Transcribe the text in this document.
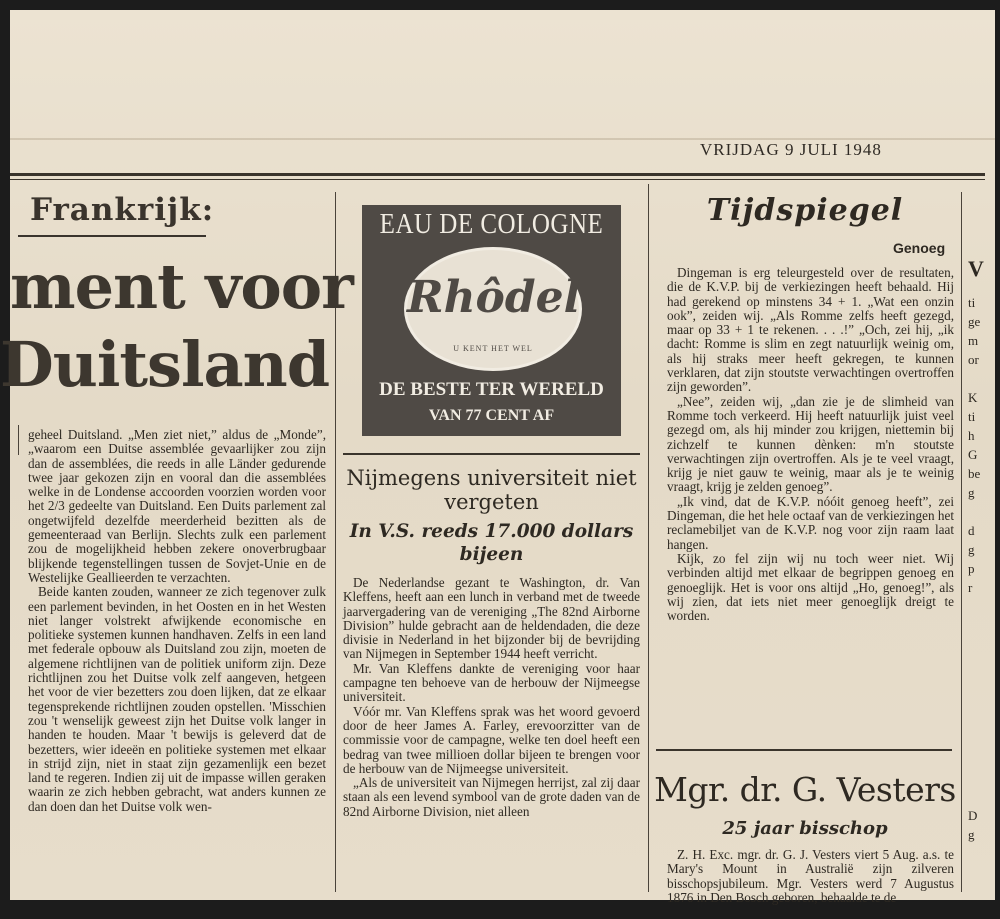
VRIJDAG 9 JULI 1948
Frankrijk:
ment voor
Duitsland

geheel Duitsland. „Men ziet niet,” aldus de „Monde”, „waarom een Duitse assemblée gevaarlijker zou zijn dan de assemblées, die reeds in alle Länder gedurende twee jaar gekozen zijn en vooral dan die assemblées welke in de Londense accoorden voorzien worden voor het 2/3 gedeelte van Duitsland. Een Duits parlement zal ongetwijfeld dezelfde meerderheid bezitten als de gemeenteraad van Berlijn. Slechts zulk een parlement zou de mogelijkheid hebben zekere onoverbrugbaar blijkende tegenstellingen tussen de Sovjet-Unie en de Westelijke Geallieerden te verzachten.

Beide kanten zouden, wanneer ze zich tegenover zulk een parlement bevinden, in het Oosten en in het Westen niet langer volstrekt afwijkende economische en politieke systemen kunnen handhaven. Zelfs in een land met federale opbouw als Duitsland zou zijn, moeten de algemene richtlijnen van de politiek uniform zijn. Deze richtlijnen zou het Duitse volk zelf aangeven, hetgeen het voor de vier bezetters zou doen lijken, dat ze elkaar tegensprekende richtlijnen zouden opstellen. 'Misschien zou 't wenselijk geweest zijn het Duitse volk langer in handen te houden. Maar 't bewijs is geleverd dat de bezetters, wier ideeën en politieke systemen met elkaar in strijd zijn, niet in staat zijn gezamenlijk een bezet land te regeren. Indien zij uit de impasse willen geraken waarin ze zich hebben gebracht, wat anders kunnen ze dan doen dan het Duitse volk wen-

EAU DE COLOGNE
Rhôdel
U KENT HET WEL
DE BESTE TER WERELD
VAN 77 CENT AF
Nijmegens universiteit niet vergeten
In V.S. reeds 17.000 dollars bijeen

De Nederlandse gezant te Washington, dr. Van Kleffens, heeft aan een lunch in verband met de tweede jaarvergadering van de vereniging „The 82nd Airborne Division” hulde gebracht aan de heldendaden, die deze divisie in Nederland in het bijzonder bij de bevrijding van Nijmegen in September 1944 heeft verricht.

Mr. Van Kleffens dankte de vereniging voor haar campagne ten behoeve van de herbouw der Nijmeegse universiteit.

Vóór mr. Van Kleffens sprak was het woord gevoerd door de heer James A. Farley, erevoorzitter van de commissie voor de campagne, welke ten doel heeft een bedrag van twee millioen dollar bijeen te brengen voor de herbouw van de Nijmeegse universiteit.

„Als de universiteit van Nijmegen herrijst, zal zij daar staan als een levend symbool van de grote daden van de 82nd Airborne Division, niet alleen

Tijdspiegel
Genoeg

Dingeman is erg teleurgesteld over de resultaten, die de K.V.P. bij de verkiezingen heeft behaald. Hij had gerekend op minstens 34 + 1. „Wat een onzin ook”, zeiden wij. „Als Romme zelfs heeft gezegd, maar op 33 + 1 te rekenen. . . .!” „Och, zei hij, „ik dacht: Romme is slim en zegt natuurlijk weinig om, als hij straks meer heeft gekregen, te kunnen verklaren, dat zijn stoutste verwachtingen overtroffen zijn geworden”.

„Nee”, zeiden wij, „dan zie je de slimheid van Romme toch verkeerd. Hij heeft natuurlijk juist veel gezegd om, als hij minder zou krijgen, niettemin bij zichzelf te kunnen dènken: m'n stoutste verwachtingen zijn overtroffen. Als je te veel vraagt, krijg je niet gauw te weinig, maar als je te weinig vraagt, krijg je zelden genoeg”.

„Ik vind, dat de K.V.P. nóóit genoeg heeft”, zei Dingeman, die het hele octaaf van de verkiezingen het reclamebiljet van de K.V.P. nog voor zijn raam laat hangen.

Kijk, zo fel zijn wij nu toch weer niet. Wij verbinden altijd met elkaar de begrippen genoeg en genoeglijk. Het is voor ons altijd „Ho, genoeg!”, als wij zien, dat iets niet meer genoeglijk dreigt te worden.

Mgr. dr. G. Vesters
25 jaar bisschop

Z. H. Exc. mgr. dr. G. J. Vesters viert 5 Aug. a.s. te Mary's Mount in Australië zijn zilveren bisschopsjubileum. Mgr. Vesters werd 7 Augustus 1876 in Den Bosch geboren, behaalde te de

V
ti
ge
m
or
K
ti
h
G
be
g
d
g
p
r
D
g
